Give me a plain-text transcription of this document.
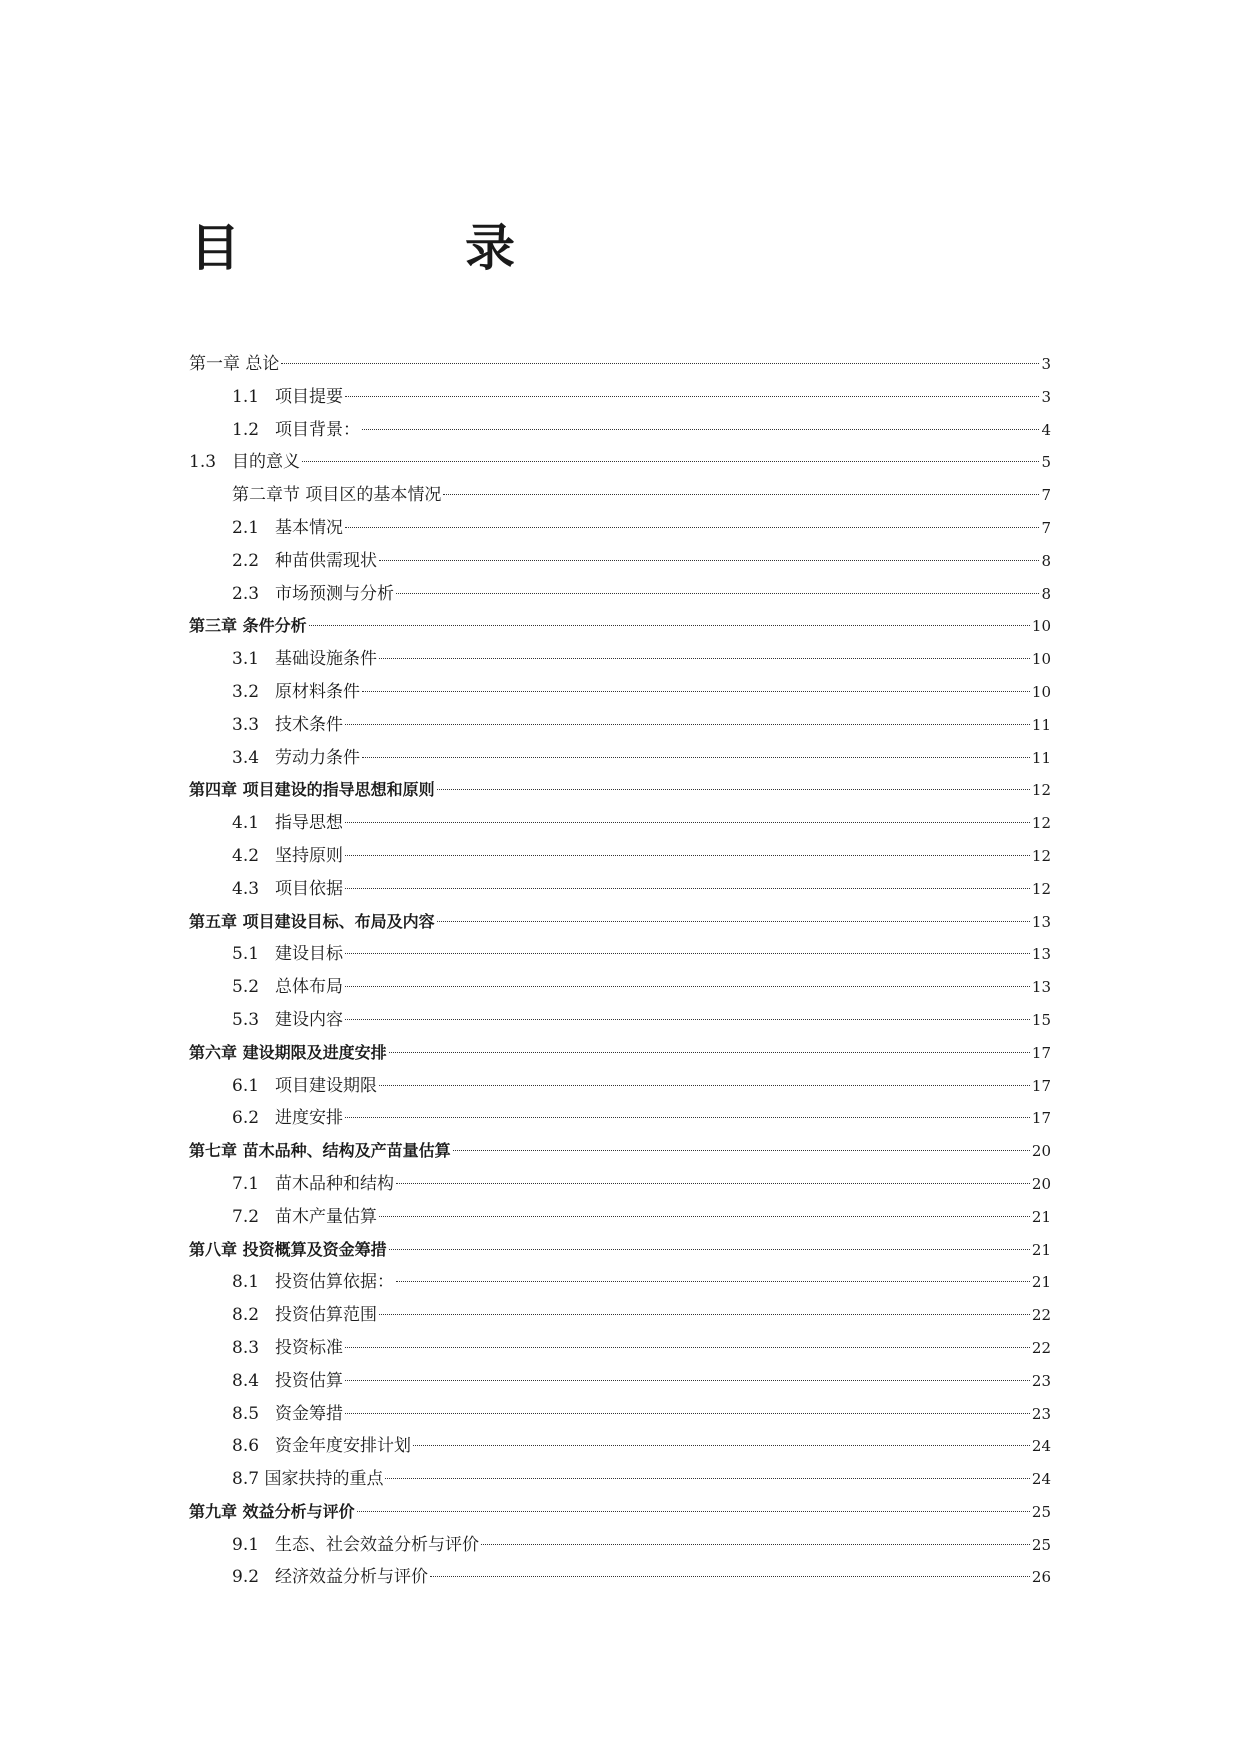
目	录
第一章 总论	3
1.1 项目提要	3
1.2 项目背景：	4
1.3 目的意义	5
第二章节 项目区的基本情况	7
2.1 基本情况	7
2.2 种苗供需现状	8
2.3 市场预测与分析	8
第三章 条件分析	10
3.1 基础设施条件	10
3.2 原材料条件	10
3.3 技术条件	11
3.4 劳动力条件	11
第四章 项目建设的指导思想和原则	12
4.1 指导思想	12
4.2 坚持原则	12
4.3 项目依据	12
第五章 项目建设目标、布局及内容	13
5.1 建设目标	13
5.2 总体布局	13
5.3 建设内容	15
第六章 建设期限及进度安排	17
6.1 项目建设期限	17
6.2 进度安排	17
第七章 苗木品种、结构及产苗量估算	20
7.1 苗木品种和结构	20
7.2 苗木产量估算	21
第八章 投资概算及资金筹措	21
8.1 投资估算依据：	21
8.2 投资估算范围	22
8.3 投资标准	22
8.4 投资估算	23
8.5 资金筹措	23
8.6 资金年度安排计划	24
8.7 国家扶持的重点	24
第九章 效益分析与评价	25
9.1 生态、社会效益分析与评价	25
9.2 经济效益分析与评价	26
